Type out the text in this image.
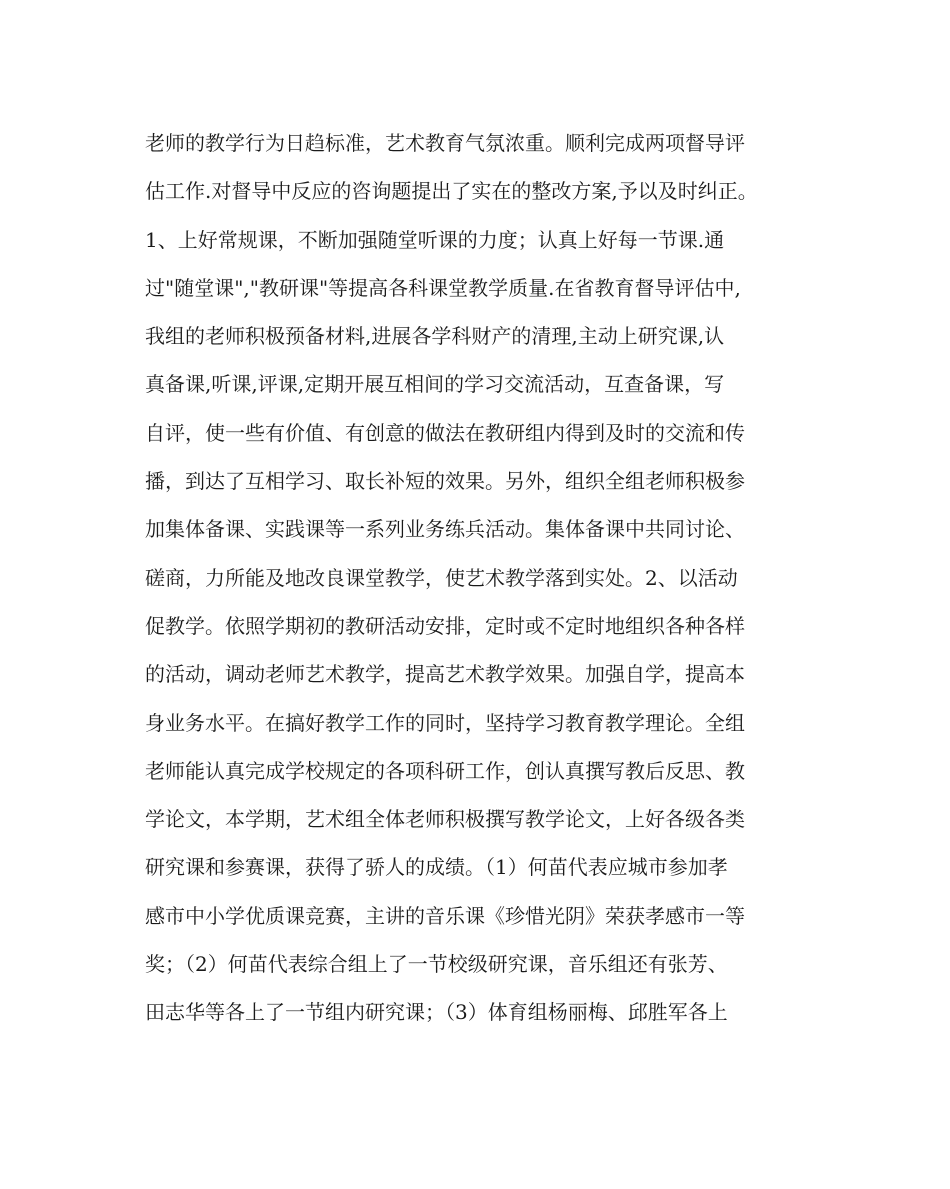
老师的教学行为日趋标准，艺术教育气氛浓重。顺利完成两项督导评
估工作.对督导中反应的咨询题提出了实在的整改方案,予以及时纠正。
1、上好常规课，不断加强随堂听课的力度；认真上好每一节课.通
过"随堂课","教研课"等提高各科课堂教学质量.在省教育督导评估中,
我组的老师积极预备材料,进展各学科财产的清理,主动上研究课,认
真备课,听课,评课,定期开展互相间的学习交流活动，互查备课，写
自评，使一些有价值、有创意的做法在教研组内得到及时的交流和传
播，到达了互相学习、取长补短的效果。另外，组织全组老师积极参
加集体备课、实践课等一系列业务练兵活动。集体备课中共同讨论、
磋商，力所能及地改良课堂教学，使艺术教学落到实处。2、以活动
促教学。依照学期初的教研活动安排，定时或不定时地组织各种各样
的活动，调动老师艺术教学，提高艺术教学效果。加强自学，提高本
身业务水平。在搞好教学工作的同时，坚持学习教育教学理论。全组
老师能认真完成学校规定的各项科研工作，创认真撰写教后反思、教
学论文，本学期，艺术组全体老师积极撰写教学论文，上好各级各类
研究课和参赛课，获得了骄人的成绩。（1）何苗代表应城市参加孝
感市中小学优质课竞赛，主讲的音乐课《珍惜光阴》荣获孝感市一等
奖；（2）何苗代表综合组上了一节校级研究课，音乐组还有张芳、
田志华等各上了一节组内研究课；（3）体育组杨丽梅、邱胜军各上
